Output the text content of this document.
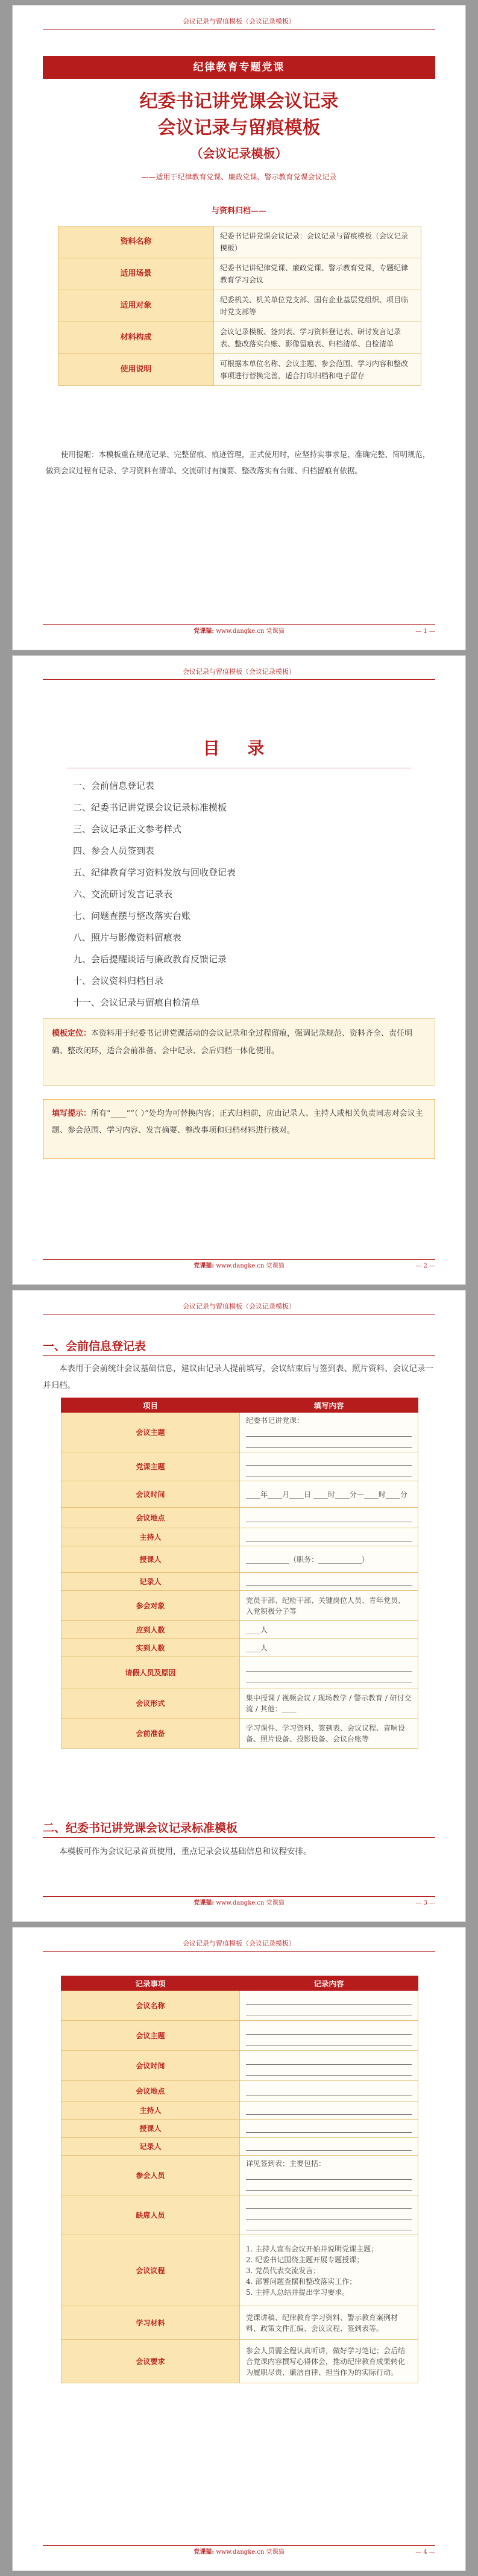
会议记录与留痕模板（会议记录模板）
纪律教育专题党课
纪委书记讲党课会议记录
会议记录与留痕模板
（会议记录模板）
——适用于纪律教育党课、廉政党课、警示教育党课会议记录
与资料归档——
资料名称	纪委书记讲党课会议记录：会议记录与留痕模板（会议记录模板）
适用场景	纪委书记讲纪律党课、廉政党课、警示教育党课，专题纪律教育学习会议
适用对象	纪委机关、机关单位党支部、国有企业基层党组织、项目临时党支部等
材料构成	会议记录模板、签到表、学习资料登记表、研讨发言记录表、整改落实台账、影像留痕表、归档清单、自检清单
使用说明	可根据本单位名称、会议主题、参会范围、学习内容和整改事项进行替换完善，适合打印归档和电子留存
使用提醒：本模板重在规范记录、完整留痕、痕迹管理，正式使用时，应坚持实事求是、准确完整、简明规范，做到会议过程有记录、学习资料有清单、交流研讨有摘要、整改落实有台账、归档留痕有依据。
党课猫: www.dangke.cn 党课猫	— 1 —
会议记录与留痕模板（会议记录模板）
目 录
一、会前信息登记表
二、纪委书记讲党课会议记录标准模板
三、会议记录正文参考样式
四、参会人员签到表
五、纪律教育学习资料发放与回收登记表
六、交流研讨发言记录表
七、问题查摆与整改落实台账
八、照片与影像资料留痕表
九、会后提醒谈话与廉政教育反馈记录
十、会议资料归档目录
十一、会议记录与留痕自检清单
模板定位：本资料用于纪委书记讲党课活动的会议记录和全过程留痕，强调记录规范、资料齐全、责任明确、整改闭环，适合会前准备、会中记录、会后归档一体化使用。
填写提示：所有“____”“（ ）”处均为可替换内容；正式归档前，应由记录人、主持人或相关负责同志对会议主题、参会范围、学习内容、发言摘要、整改事项和归档材料进行核对。
党课猫: www.dangke.cn 党课猫	— 2 —
会议记录与留痕模板（会议记录模板）
一、会前信息登记表
本表用于会前统计会议基础信息，建议由记录人提前填写，会议结束后与签到表、照片资料、会议记录一并归档。
项目	填写内容
会议主题	纪委书记讲党课：

党课主题	

会议时间	____年____月____日 ____时____分—____时____分

会议地点	

主持人	

授课人	____________（职务：____________）

记录人	

参会对象	党员干部、纪检干部、关键岗位人员、青年党员、入党积极分子等

应到人数	____人

实到人数	____人

请假人员及原因	

会议形式	集中授课 / 视频会议 / 现场教学 / 警示教育 / 研讨交流 / 其他：____

会前准备	学习课件、学习资料、签到表、会议议程、音响设备、照片设备、投影设备、会议台账等
二、纪委书记讲党课会议记录标准模板
本模板可作为会议记录首页使用，重点记录会议基础信息和议程安排。
党课猫: www.dangke.cn 党课猫	— 3 —
会议记录与留痕模板（会议记录模板）
记录事项	记录内容
会议名称	

会议主题	

会议时间	

会议地点	

主持人	

授课人	

记录人	

参会人员	详见签到表；主要包括：

缺席人员	

会议议程	1. 主持人宣布会议开始并说明党课主题；
2. 纪委书记围绕主题开展专题授课；
3. 党员代表交流发言；
4. 部署问题查摆和整改落实工作；
5. 主持人总结并提出学习要求。

学习材料	党课讲稿、纪律教育学习资料、警示教育案例材料、政策文件汇编、会议议程、签到表等。

会议要求	参会人员需全程认真听讲，做好学习笔记；会后结合党课内容撰写心得体会，推动纪律教育成果转化为履职尽责、廉洁自律、担当作为的实际行动。
党课猫: www.dangke.cn 党课猫	— 4 —
